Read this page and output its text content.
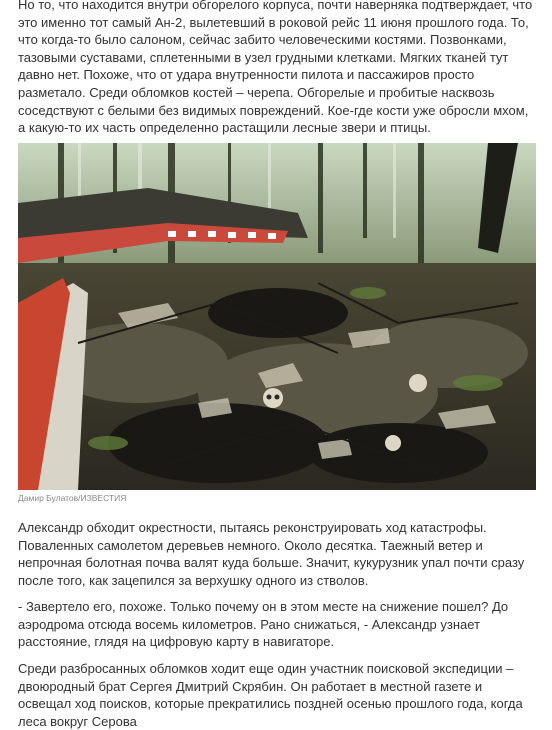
Но то, что находится внутри обгорелого корпуса, почти наверняка подтверждает, что это именно тот самый Ан-2, вылетевший в роковой рейс 11 июня прошлого года. То, что когда-то было салоном, сейчас забито человеческими костями. Позвонками, тазовыми суставами, сплетенными в узел грудными клетками. Мягких тканей тут давно нет. Похоже, что от удара внутренности пилота и пассажиров просто разметало. Среди обломков костей – черепа. Обгорелые и пробитые насквозь соседствуют с белыми без видимых повреждений. Кое-где кости уже обросли мхом, а какую-то их часть определенно растащили лесные звери и птицы.

Дамир Булатов/ИЗВЕСТИЯ

Александр обходит окрестности, пытаясь реконструировать ход катастрофы. Поваленных самолетом деревьев немного. Около десятка. Таежный ветер и непрочная болотная почва валят куда больше. Значит, кукурузник упал почти сразу после того, как зацепился за верхушку одного из стволов.

- Завертело его, похоже. Только почему он в этом месте на снижение пошел? До аэродрома отсюда восемь километров. Рано снижаться, - Александр узнает расстояние, глядя на цифровую карту в навигаторе.

Среди разбросанных обломков ходит еще один участник поисковой экспедиции – двоюродный брат Сергея Дмитрий Скрябин. Он работает в местной газете и освещал ход поисков, которые прекратились поздней осенью прошлого года, когда леса вокруг Серова
